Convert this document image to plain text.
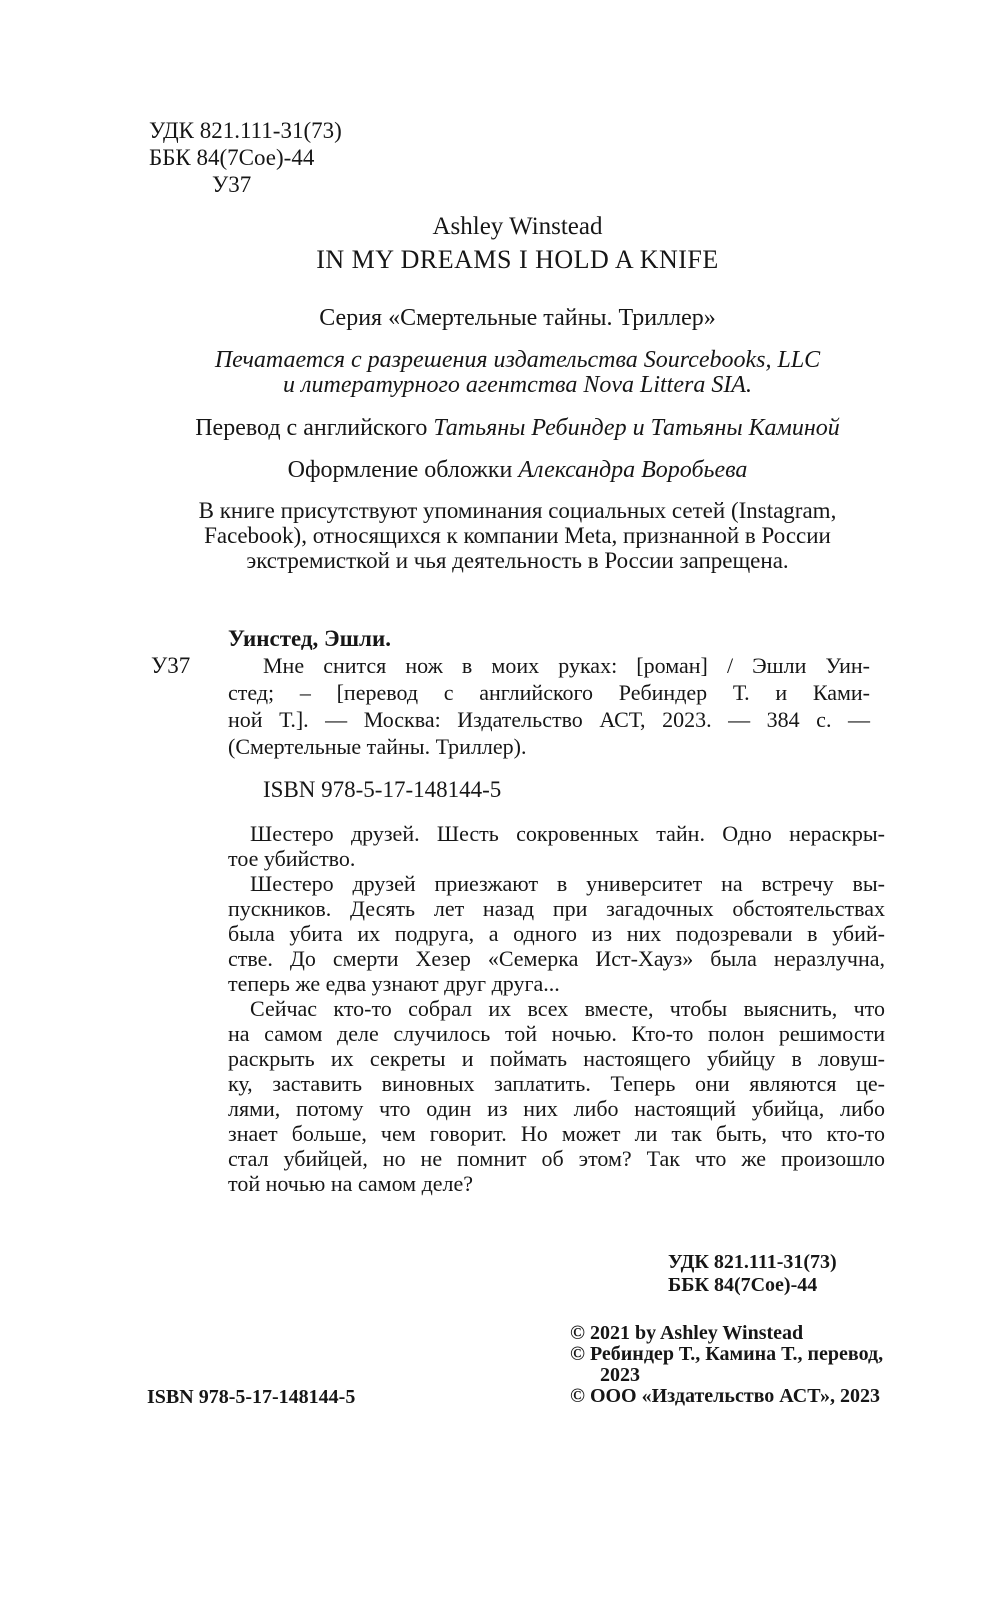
УДК 821.111-31(73)
ББК 84(7Сое)-44
У37
Ashley Winstead
IN MY DREAMS I HOLD A KNIFE
Серия «Смертельные тайны. Триллер»
Печатается с разрешения издательства Sourcebooks, LLC
и литературного агентства Nova Littera SIA.
Перевод с английского Татьяны Ребиндер и Татьяны Каминой
Оформление обложки Александра Воробьева
В книге присутствуют упоминания социальных сетей (Instagram,
Facebook), относящихся к компании Meta, признанной в России
экстремисткой и чья деятельность в России запрещена.
У37
Уинстед, Эшли.
Мне снится нож в моих руках: [роман] / Эшли Уин-
стед; – [перевод с английского Ребиндер Т. и Ками-
ной Т.]. — Москва: Издательство АСТ, 2023. — 384 с. —
(Смертельные тайны. Триллер).
ISBN 978-5-17-148144-5
Шестеро друзей. Шесть сокровенных тайн. Одно нераскры-
тое убийство.
Шестеро друзей приезжают в университет на встречу вы-
пускников. Десять лет назад при загадочных обстоятельствах
была убита их подруга, а одного из них подозревали в убий-
стве. До смерти Хезер «Семерка Ист-Хауз» была неразлучна,
теперь же едва узнают друг друга...
Сейчас кто-то собрал их всех вместе, чтобы выяснить, что
на самом деле случилось той ночью. Кто-то полон решимости
раскрыть их секреты и поймать настоящего убийцу в ловуш-
ку, заставить виновных заплатить. Теперь они являются це-
лями, потому что один из них либо настоящий убийца, либо
знает больше, чем говорит. Но может ли так быть, что кто-то
стал убийцей, но не помнит об этом? Так что же произошло
той ночью на самом деле?
УДК 821.111-31(73)
ББК 84(7Сое)-44
© 2021 by Ashley Winstead
© Ребиндер Т., Камина Т., перевод,
2023
© ООО «Издательство АСТ», 2023
ISBN 978-5-17-148144-5
